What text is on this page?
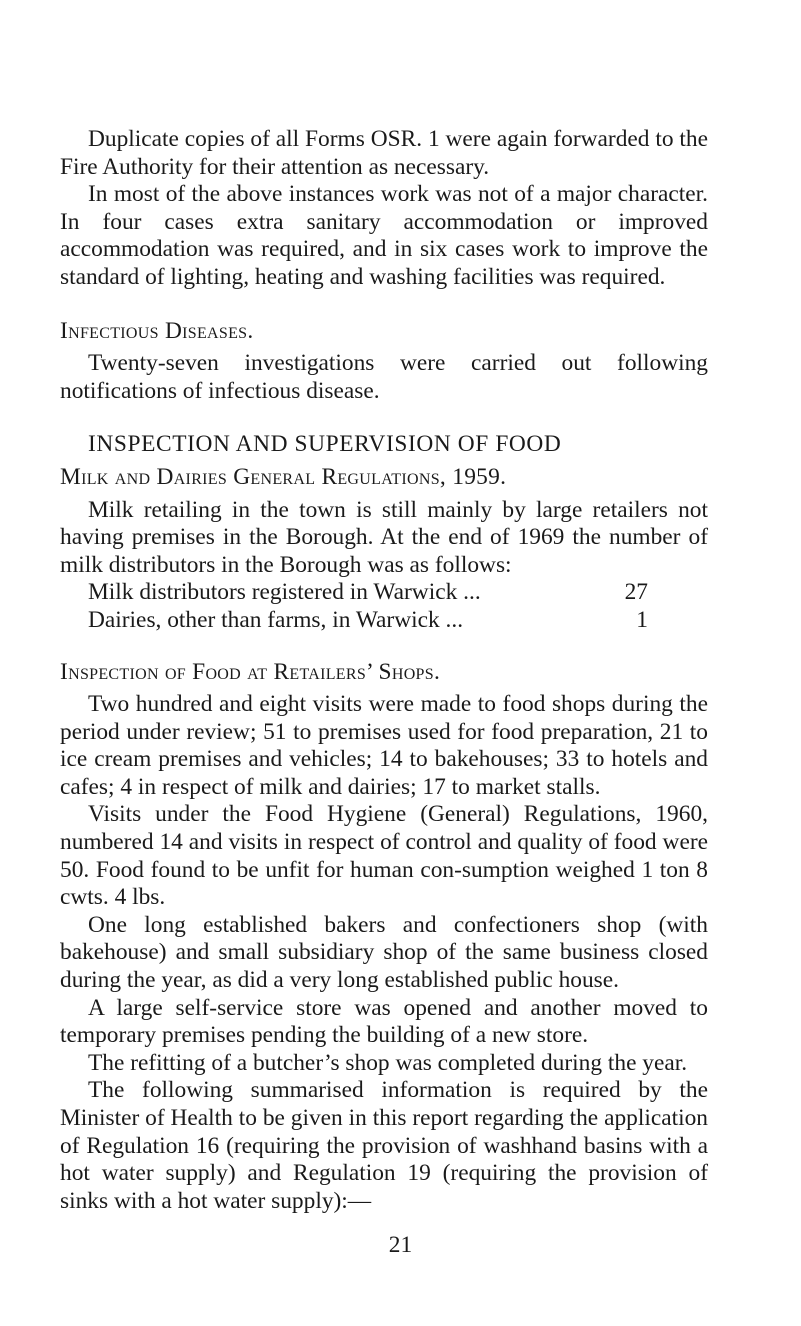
Duplicate copies of all Forms OSR. 1 were again forwarded to the Fire Authority for their attention as necessary.

In most of the above instances work was not of a major character. In four cases extra sanitary accommodation or improved accommodation was required, and in six cases work to improve the standard of lighting, heating and washing facilities was required.

Infectious Diseases.

Twenty-seven investigations were carried out following notifications of infectious disease.

INSPECTION AND SUPERVISION OF FOOD
Milk and Dairies General Regulations, 1959.

Milk retailing in the town is still mainly by large retailers not having premises in the Borough. At the end of 1969 the number of milk distributors in the Borough was as follows:

Milk distributors registered in Warwick ...	27
Dairies, other than farms, in Warwick ...	1
Inspection of Food at Retailers’ Shops.

Two hundred and eight visits were made to food shops during the period under review; 51 to premises used for food preparation, 21 to ice cream premises and vehicles; 14 to bakehouses; 33 to hotels and cafes; 4 in respect of milk and dairies; 17 to market stalls.

Visits under the Food Hygiene (General) Regulations, 1960, numbered 14 and visits in respect of control and quality of food were 50. Food found to be unfit for human con-sumption weighed 1 ton 8 cwts. 4 lbs.

One long established bakers and confectioners shop (with bakehouse) and small subsidiary shop of the same business closed during the year, as did a very long established public house.

A large self-service store was opened and another moved to temporary premises pending the building of a new store.

The refitting of a butcher’s shop was completed during the year.

The following summarised information is required by the Minister of Health to be given in this report regarding the application of Regulation 16 (requiring the provision of washhand basins with a hot water supply) and Regulation 19 (requiring the provision of sinks with a hot water supply):—

21
